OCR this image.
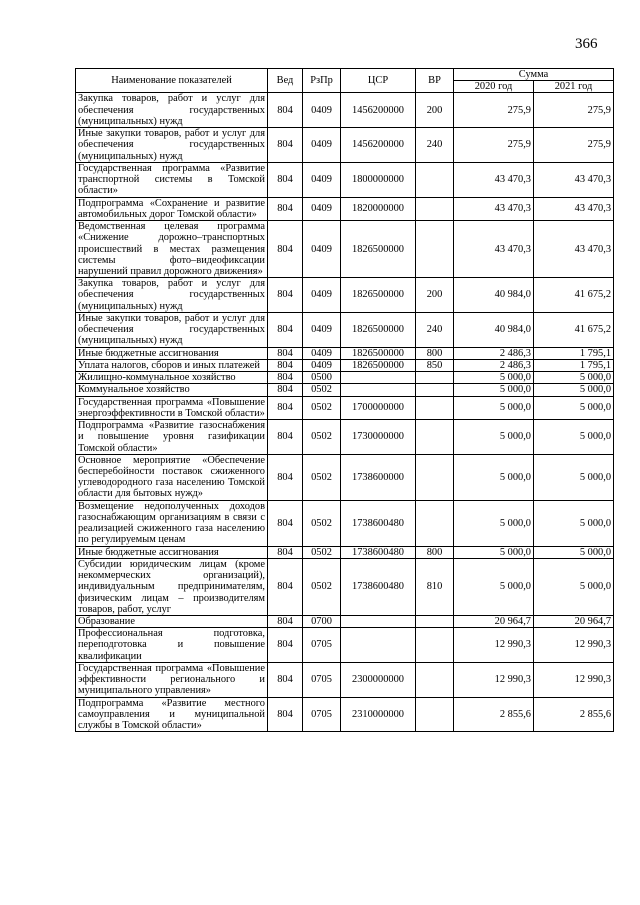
366
Наименование показателей	Вед	РзПр	ЦСР	ВР	Сумма	
					2020 год	2021 год
Закупка товаров, работ и услуг для обеспечения государственных (муниципальных) нужд	804	0409	1456200000	200	275,9	275,9
Иные закупки товаров, работ и услуг для обеспечения государственных (муниципальных) нужд	804	0409	1456200000	240	275,9	275,9
Государственная программа «Развитие транспортной системы в Томской области»	804	0409	1800000000		43 470,3	43 470,3
Подпрограмма «Сохранение и развитие автомобильных дорог Томской области»	804	0409	1820000000		43 470,3	43 470,3
Ведомственная целевая программа «Снижение дорожно–транспортных происшествий в местах размещения системы фото–видеофиксации нарушений правил дорожного движения»	804	0409	1826500000		43 470,3	43 470,3
Закупка товаров, работ и услуг для обеспечения государственных (муниципальных) нужд	804	0409	1826500000	200	40 984,0	41 675,2
Иные закупки товаров, работ и услуг для обеспечения государственных (муниципальных) нужд	804	0409	1826500000	240	40 984,0	41 675,2
Иные бюджетные ассигнования	804	0409	1826500000	800	2 486,3	1 795,1
Уплата налогов, сборов и иных платежей	804	0409	1826500000	850	2 486,3	1 795,1
Жилищно-коммунальное хозяйство	804	0500			5 000,0	5 000,0
Коммунальное хозяйство	804	0502			5 000,0	5 000,0
Государственная программа «Повышение энергоэффективности в Томской области»	804	0502	1700000000		5 000,0	5 000,0
Подпрограмма «Развитие газоснабжения и повышение уровня газификации Томской области»	804	0502	1730000000		5 000,0	5 000,0
Основное мероприятие «Обеспечение бесперебойности поставок сжиженного углеводородного газа населению Томской области для бытовых нужд»	804	0502	1738600000		5 000,0	5 000,0
Возмещение недополученных доходов газоснабжающим организациям в связи с реализацией сжиженного газа населению по регулируемым ценам	804	0502	1738600480		5 000,0	5 000,0
Иные бюджетные ассигнования	804	0502	1738600480	800	5 000,0	5 000,0
Субсидии юридическим лицам (кроме некоммерческих организаций), индивидуальным предпринимателям, физическим лицам – производителям товаров, работ, услуг	804	0502	1738600480	810	5 000,0	5 000,0
Образование	804	0700			20 964,7	20 964,7
Профессиональная подготовка, переподготовка и повышение квалификации	804	0705			12 990,3	12 990,3
Государственная программа «Повышение эффективности регионального и муниципального управления»	804	0705	2300000000		12 990,3	12 990,3
Подпрограмма «Развитие местного самоуправления и муниципальной службы в Томской области»	804	0705	2310000000		2 855,6	2 855,6
